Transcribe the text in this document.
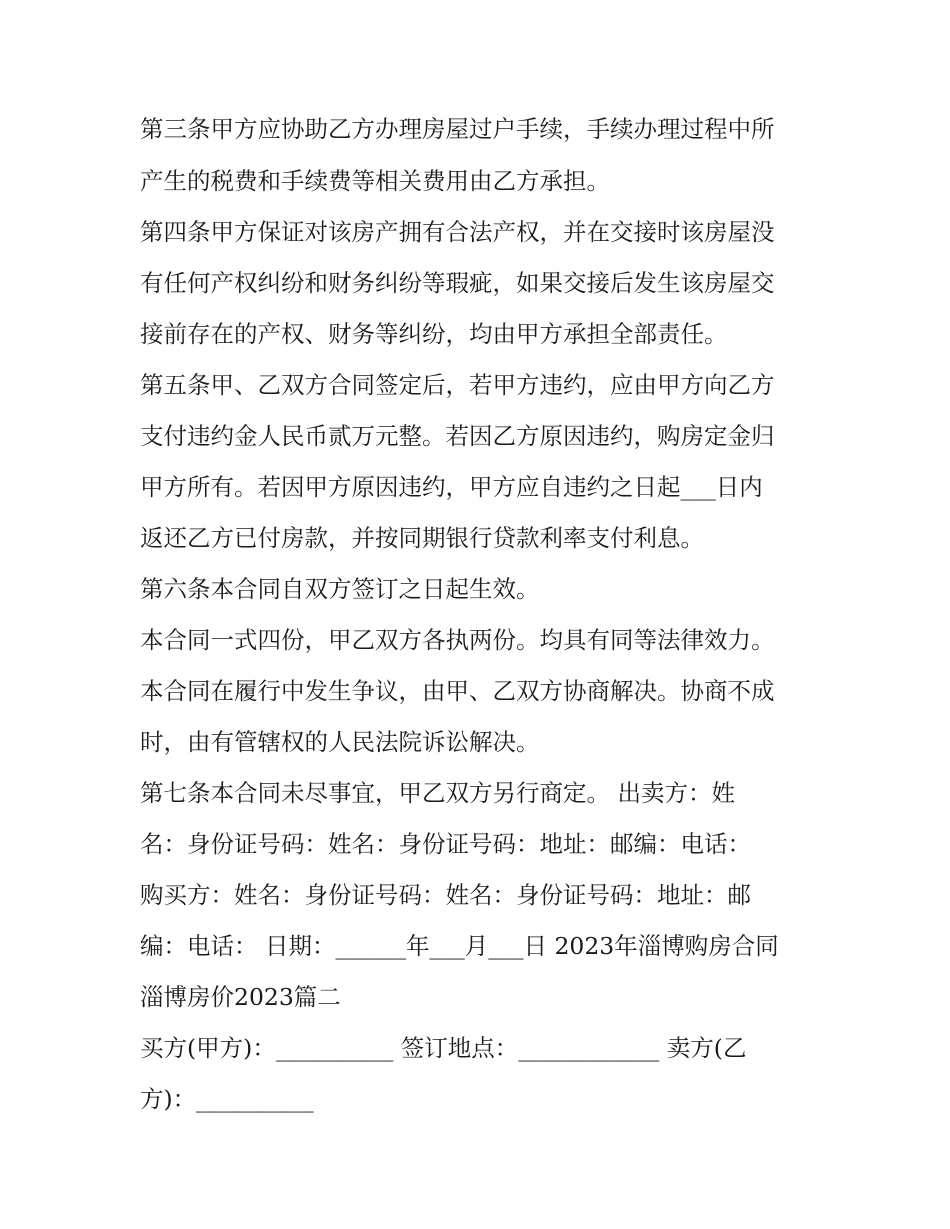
第三条甲方应协助乙方办理房屋过户手续，手续办理过程中所

产生的税费和手续费等相关费用由乙方承担。

第四条甲方保证对该房产拥有合法产权，并在交接时该房屋没

有任何产权纠纷和财务纠纷等瑕疵，如果交接后发生该房屋交

接前存在的产权、财务等纠纷，均由甲方承担全部责任。

第五条甲、乙双方合同签定后，若甲方违约，应由甲方向乙方

支付违约金人民币贰万元整。若因乙方原因违约，购房定金归

甲方所有。若因甲方原因违约，甲方应自违约之日起___日内

返还乙方已付房款，并按同期银行贷款利率支付利息。

第六条本合同自双方签订之日起生效。

本合同一式四份，甲乙双方各执两份。均具有同等法律效力。

本合同在履行中发生争议，由甲、乙双方协商解决。协商不成

时，由有管辖权的人民法院诉讼解决。

第七条本合同未尽事宜，甲乙双方另行商定。 出卖方：姓

名：身份证号码：姓名：身份证号码：地址：邮编：电话：

购买方：姓名：身份证号码：姓名：身份证号码：地址：邮

编：电话： 日期：______年___月___日 2023年淄博购房合同

淄博房价2023篇二

买方(甲方)：__________ 签订地点：____________ 卖方(乙

方)：__________
